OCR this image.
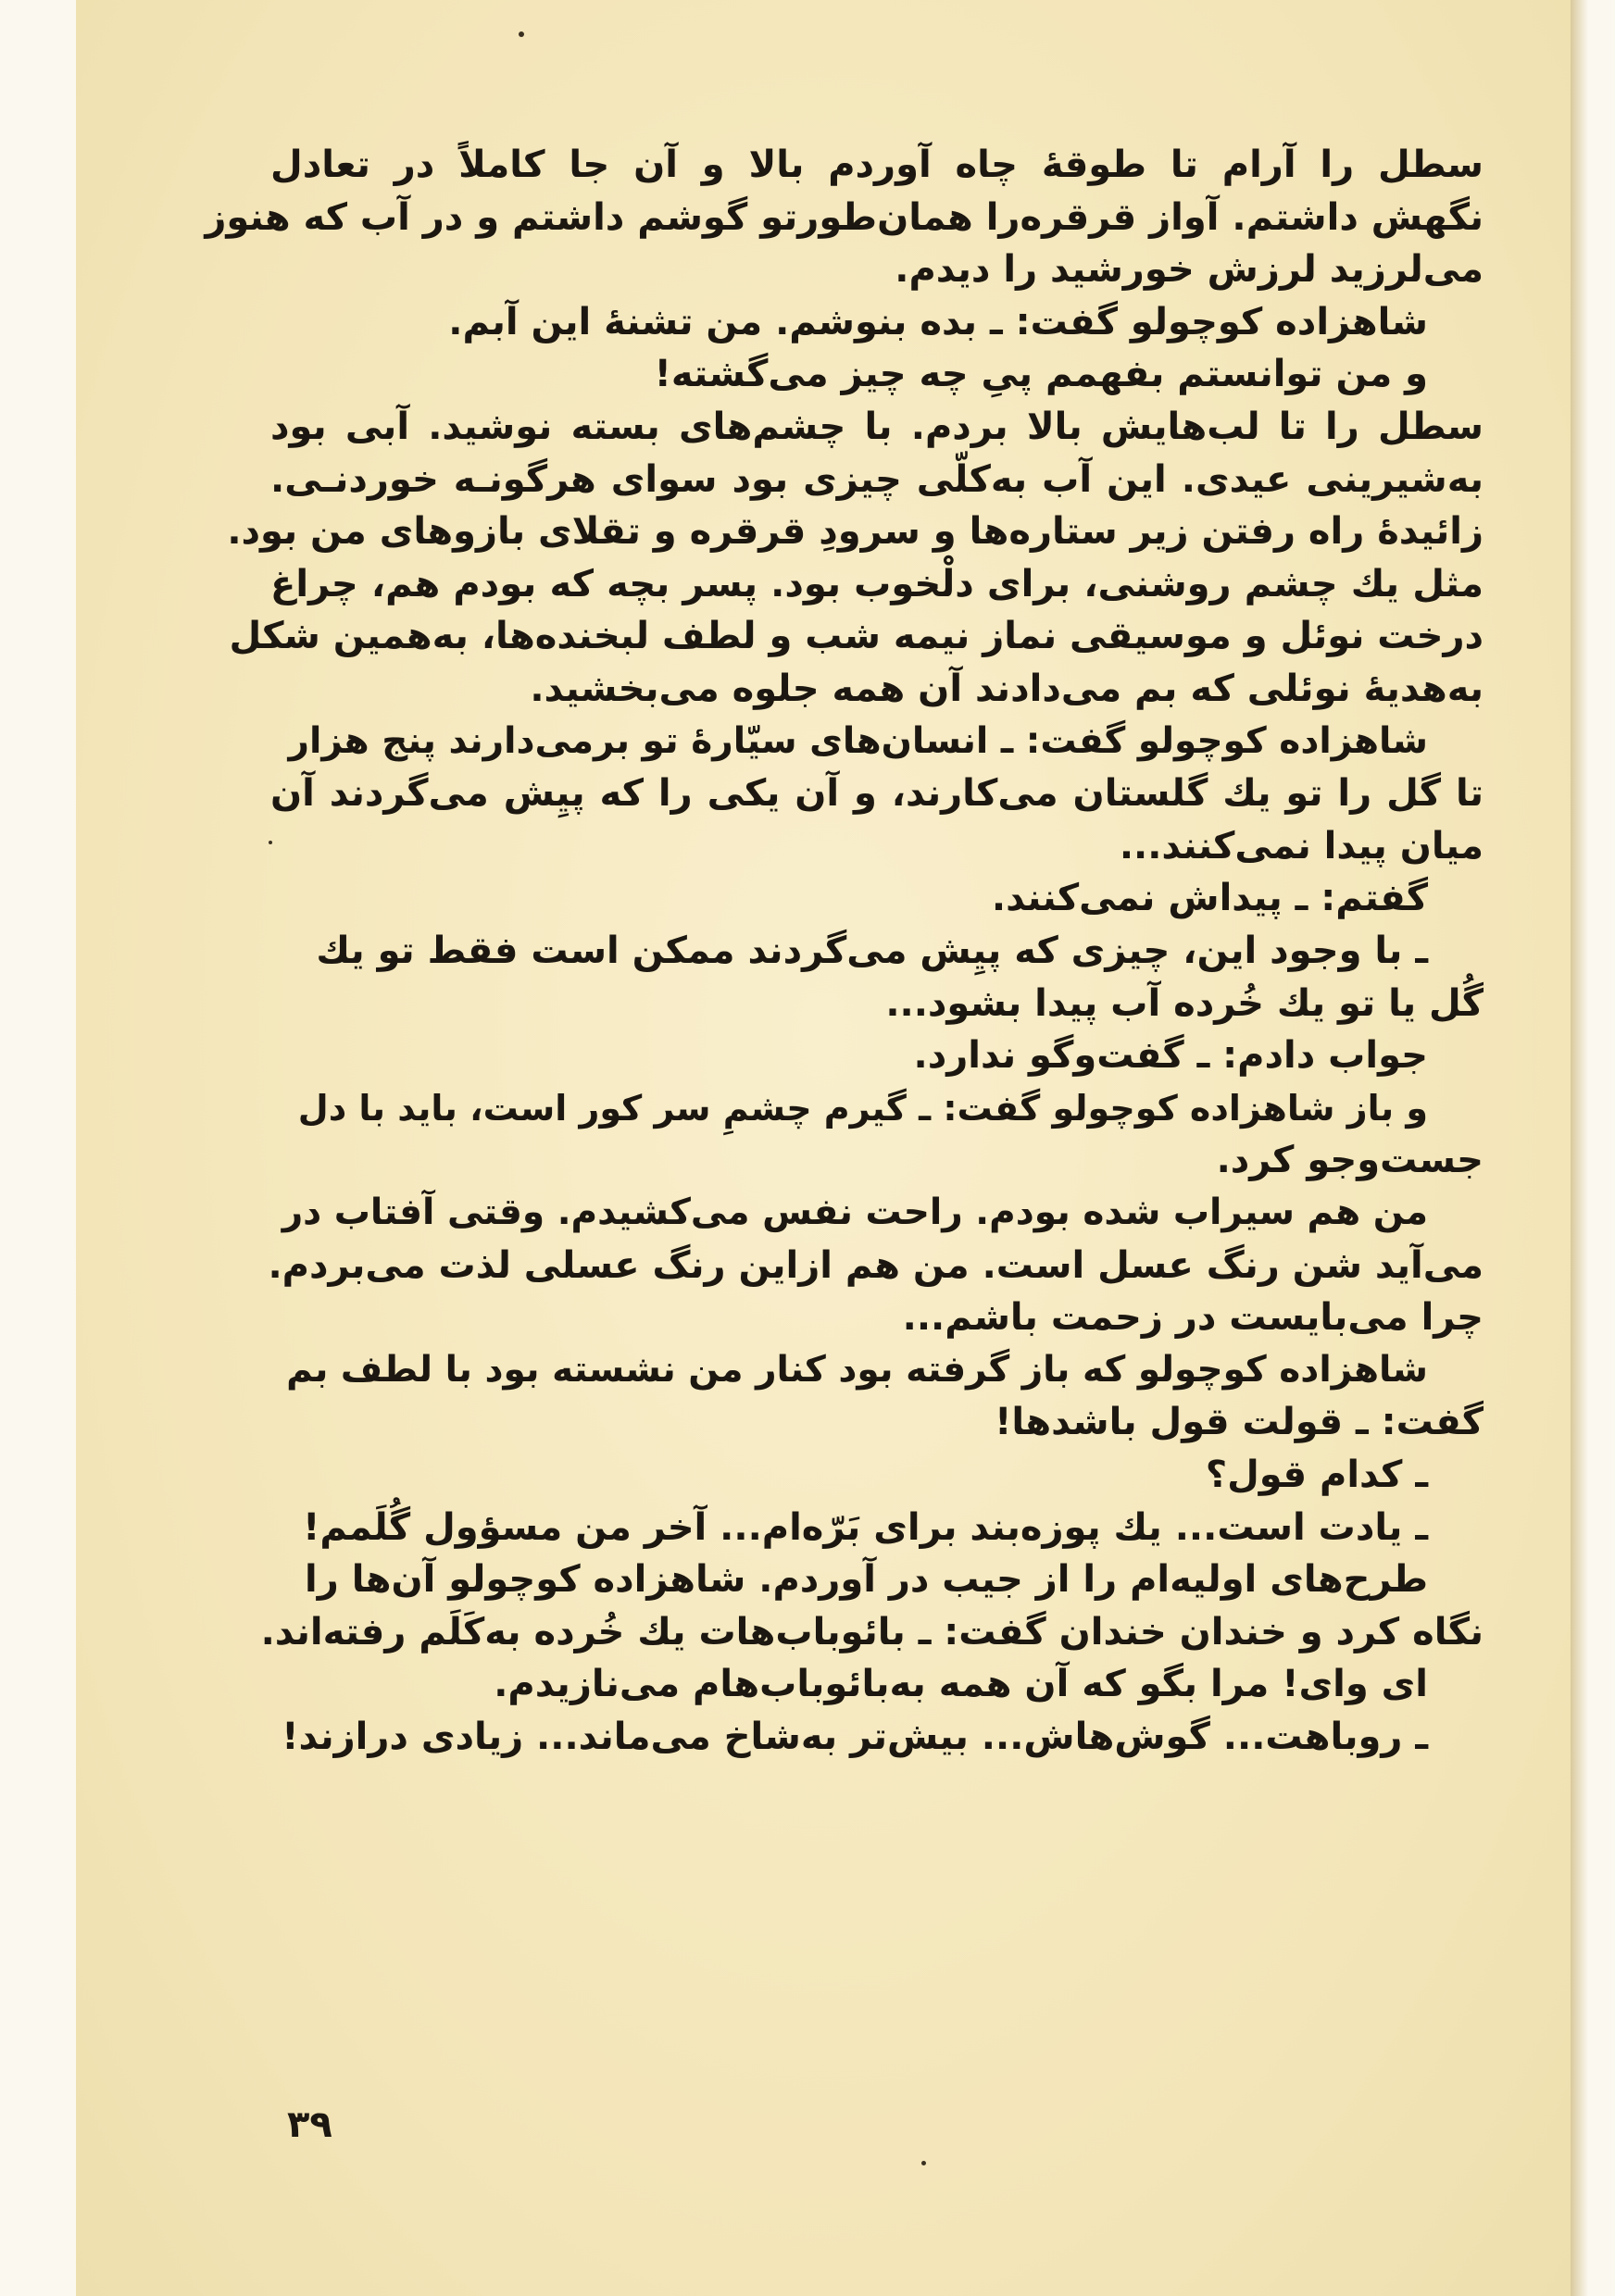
سطل را آرام تا طوقهٔ چاه آوردم بالا و آن جا کاملاً در تعادل
نگهش داشتم. آواز قرقره‌را همان‌طورتو گوشم داشتم و در آب که هنوز
می‌لرزید لرزش خورشید را دیدم.
شاهزاده کوچولو گفت: ـ بده بنوشم. من تشنهٔ این آبم.
و من توانستم بفهمم پیِ چه چیز می‌گشته!
سطل را تا لب‌هایش بالا بردم. با چشم‌های بسته نوشید. آبی بود
به‌شیرینی عیدی. این آب به‌کلّی چیزی بود سوای هرگونـه خوردنـی.
زائیدهٔ راه رفتن زیر ستاره‌ها و سرودِ قرقره و تقلای بازوهای من بود.
مثل یك چشم روشنی، برای دلْخوب بود. پسر بچه که بودم هم، چراغ
درخت نوئل و موسیقی نماز نیمه شب و لطف لبخنده‌ها، به‌همین شکل
به‌هدیهٔ نوئلی که بم می‌دادند آن همه جلوه می‌بخشید.
شاهزاده کوچولو گفت: ـ انسان‌های سیّارهٔ تو برمی‌دارند پنج هزار
تا گل را تو یك گلستان می‌کارند، و آن یکی را که پیِش می‌گردند آن
میان پیدا نمی‌کنند...
گفتم: ـ پیداش نمی‌کنند.
ـ با وجود این، چیزی که پیِش می‌گردند ممکن است فقط تو یك
گُل یا تو یك خُرده آب پیدا بشود...
جواب دادم: ـ گفت‌وگو ندارد.
و باز شاهزاده کوچولو گفت: ـ گیرم چشمِ سر کور است، باید با دل
جست‌وجو کرد.
من هم سیراب شده بودم. راحت نفس می‌کشیدم. وقتی آفتاب در
می‌آید شن رنگ عسل است. من هم ازاین رنگ عسلی لذت می‌بردم.
چرا می‌بایست در زحمت باشم...
شاهزاده کوچولو که باز گرفته بود کنار من نشسته بود با لطف بم
گفت: ـ قولت قول باشدها!
ـ کدام قول؟
ـ یادت است... یك پوزه‌بند برای بَرّه‌ام... آخر من مسؤول گُلَمم!
طرح‌های اولیه‌ام را از جیب در آوردم. شاهزاده کوچولو آن‌ها را
نگاه کرد و خندان خندان گفت: ـ بائوباب‌هات یك خُرده به‌کَلَم رفته‌اند.
ای وای! مرا بگو که آن همه به‌بائوباب‌هام می‌نازیدم.
ـ روباهت... گوش‌هاش... بیش‌تر به‌شاخ می‌ماند... زیادی درازند!
۳۹
